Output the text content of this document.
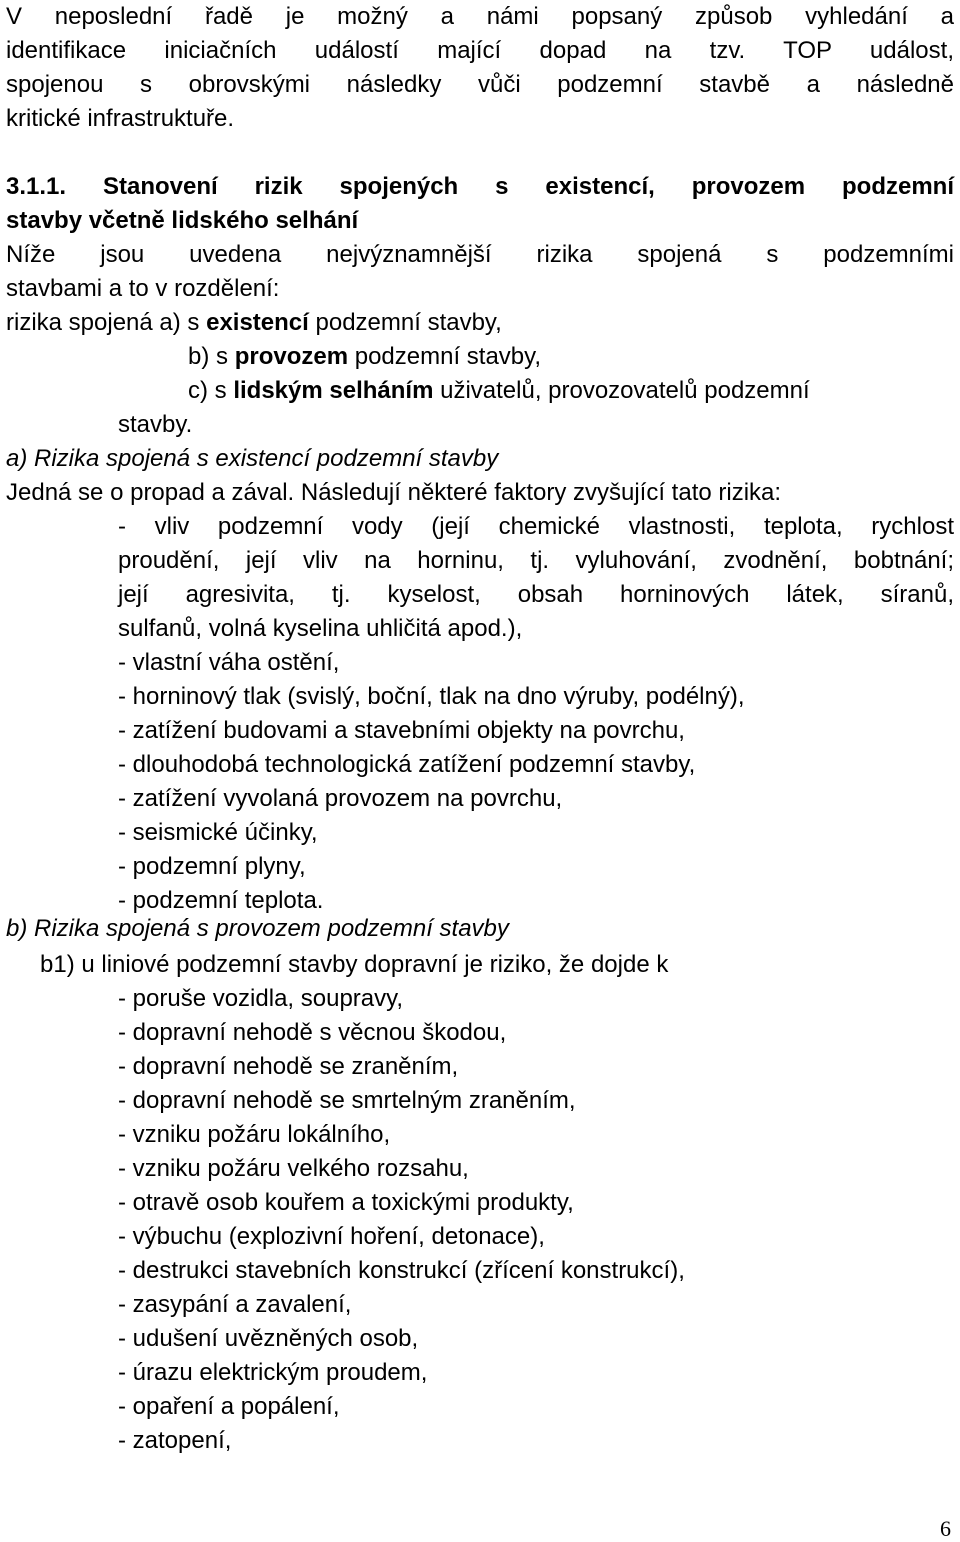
V neposlední řadě je možný a námi popsaný způsob vyhledání a
identifikace iniciačních událostí mající dopad na tzv. TOP událost,
spojenou s obrovskými následky vůči podzemní stavbě a následně
kritické infrastruktuře.
3.1.1. Stanovení rizik spojených s existencí, provozem podzemní
stavby včetně lidského selhání
Níže jsou uvedena nejvýznamnější rizika spojená s podzemními
stavbami a to v rozdělení:
rizika spojená a) s existencí podzemní stavby,
b) s provozem podzemní stavby,
c) s lidským selháním uživatelů, provozovatelů podzemní
stavby.
a) Rizika spojená s existencí podzemní stavby
Jedná se o propad a zával. Následují některé faktory zvyšující tato rizika:
- vliv podzemní vody (její chemické vlastnosti, teplota, rychlost
proudění, její vliv na horninu, tj. vyluhování, zvodnění, bobtnání;
její agresivita, tj. kyselost, obsah horninových látek, síranů,
sulfanů, volná kyselina uhličitá apod.),
- vlastní váha ostění,
- horninový tlak (svislý, boční, tlak na dno výruby, podélný),
- zatížení budovami a stavebními objekty na povrchu,
- dlouhodobá technologická zatížení podzemní stavby,
- zatížení vyvolaná provozem na povrchu,
- seismické účinky,
- podzemní plyny,
- podzemní teplota.
b) Rizika spojená s provozem podzemní stavby
b1) u liniové podzemní stavby dopravní je riziko, že dojde k
- poruše vozidla, soupravy,
- dopravní nehodě s věcnou škodou,
- dopravní nehodě se zraněním,
- dopravní nehodě se smrtelným zraněním,
- vzniku požáru lokálního,
- vzniku požáru velkého rozsahu,
- otravě osob kouřem a toxickými produkty,
- výbuchu (explozivní hoření, detonace),
- destrukci stavebních konstrukcí (zřícení konstrukcí),
- zasypání a zavalení,
- udušení uvězněných osob,
- úrazu elektrickým proudem,
- opaření a popálení,
- zatopení,
6
